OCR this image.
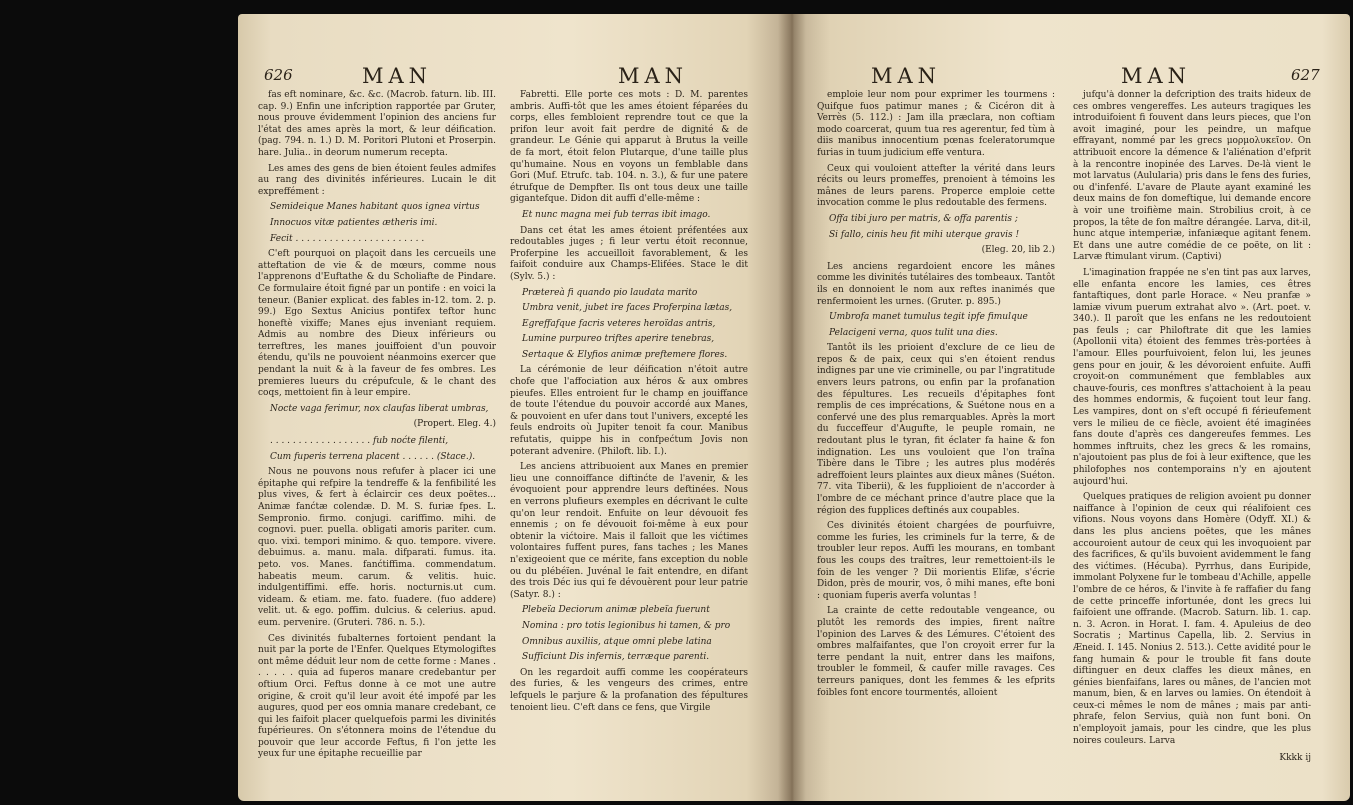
626	MAN	MAN

fas eft nominare, &c. &c. (Macrob. faturn. lib. III. cap. 9.) Enfin une infcription rapportée par Gruter, nous prouve évidemment l'opinion des anciens fur l'état des ames après la mort, & leur déification. (pag. 794. n. 1.) D. M. Poritori Plutoni et Proserpin. hare. Julia.. in deorum numerum recepta.

Les ames des gens de bien étoient feules admifes au rang des divinités inférieures. Lucain le dit expreffément :

Semideique Manes habitant quos ignea virtus

Innocuos vitæ patientes ætheris imi.

Fecit . . . . . . . . . . . . . . . . . . . . . . .

C'eft pourquoi on plaçoit dans les cercueils une atteftation de vie & de mœurs, comme nous l'apprenons d'Euftathe & du Scholiafte de Pindare. Ce formulaire étoit figné par un pontife : en voici la teneur. (Banier explicat. des fables in-12. tom. 2. p. 99.) Ego Sextus Anicius pontifex teftor hunc honeftè vixiffe; Manes ejus inveniant requiem. Admis au nombre des Dieux inférieurs ou terreftres, les manes jouiffoient d'un pouvoir étendu, qu'ils ne pouvoient néanmoins exercer que pendant la nuit & à la faveur de fes ombres. Les premieres lueurs du crépufcule, & le chant des coqs, mettoient fin à leur empire.

Nocte vaga ferimur, nox claufas liberat umbras,

(Propert. Eleg. 4.)

. . . . . . . . . . . . . . . . . . fub noćte filenti,

Cum fuperis terrena placent . . . . . . (Stace.).

Nous ne pouvons nous refufer à placer ici une épitaphe qui refpire la tendreffe & la fenfibilité les plus vives, & fert à éclaircir ces deux poëtes... Animæ fanćtæ colendæ. D. M. S. furiæ fpes. L. Sempronio. firmo. conjugi. cariffimo. mihi. de cognovi. puer. puella. obligati amoris pariter. cum. quo. vixi. tempori minimo. & quo. tempore. vivere. debuimus. a. manu. mala. difparati. fumus. ita. peto. vos. Manes. fanćtiffima. commendatum. habeatis meum. carum. & velitis. huic. indulgentiffimi. effe. horis. nocturnis.ut cum. videam. & etiam. me. fato. fuadere. (fuo addere) velit. ut. & ego. poffim. dulcius. & celerius. apud. eum. pervenire. (Gruteri. 786. n. 5.).

Ces divinités fubalternes fortoient pendant la nuit par la porte de l'Enfer. Quelques Etymologiftes ont même déduit leur nom de cette forme : Manes . . . . . . quia ad fuperos manare credebantur per oftium Orci. Feftus donne à ce mot une autre origine, & croit qu'il leur avoit été impofé par les augures, quod per eos omnia manare credebant, ce qui les faifoit placer quelquefois parmi les divinités fupérieures. On s'étonnera moins de l'étendue du pouvoir que leur accorde Feftus, fi l'on jette les yeux fur une épitaphe recueillie par

Fabretti. Elle porte ces mots : D. M. parentes ambris. Auffi-tôt que les ames étoient féparées du corps, elles fembloient reprendre tout ce que la prifon leur avoit fait perdre de dignité & de grandeur. Le Génie qui apparut à Brutus la veille de fa mort, étoit felon Plutarque, d'une taille plus qu'humaine. Nous en voyons un femblable dans Gori (Muf. Etrufc. tab. 104. n. 3.), & fur une patere étrufque de Dempfter. Ils ont tous deux une taille gigantefque. Didon dit auffi d'elle-même :

Et nunc magna mei fub terras ibit imago.

Dans cet état les ames étoient préfentées aux redoutables juges ; fi leur vertu étoit reconnue, Proferpine les accueilloit favorablement, & les faifoit conduire aux Champs-Elifées. Stace le dit (Sylv. 5.) :

Prætereà fi quando pio laudata marito

Umbra venit, jubet ire faces Proferpina lætas,

Egreffafque facris veteres heroïdas antris,

Lumine purpureo triftes aperire tenebras,

Sertaque & Elyfios animæ preftemere flores.

La cérémonie de leur déification n'étoit autre chofe que l'affociation aux héros & aux ombres pieufes. Elles entroient fur le champ en jouiffance de toute l'étendue du pouvoir accordé aux Manes, & pouvoient en ufer dans tout l'univers, excepté les feuls endroits où Jupiter tenoit fa cour. Manibus refutatis, quippe his in confpećtum Jovis non poterant advenire. (Philoft. lib. I.).

Les anciens attribuoient aux Manes en premier lieu une connoiffance diftinćte de l'avenir, & les évoquoient pour apprendre leurs deftinées. Nous en verrons plufieurs exemples en décrivant le culte qu'on leur rendoit. Enfuite on leur dévouoit fes ennemis ; on fe dévouoit foi-même à eux pour obtenir la vićtoire. Mais il falloit que les vićtimes volontaires fuffent pures, fans taches ; les Manes n'exigeoient que ce mérite, fans exception du noble ou du plébéïen. Juvénal le fait entendre, en difant des trois Déc ius qui fe dévouèrent pour leur patrie (Satyr. 8.) :

Plebeïa Deciorum animæ plebeïa fuerunt

Nomina : pro totis legionibus hi tamen, & pro

Omnibus auxiliis, atque omni plebe latina

Sufficiunt Dis infernis, terræque parenti.

On les regardoit auffi comme les coopérateurs des furies, & les vengeurs des crimes, entre lefquels le parjure & la profanation des fépultures tenoient lieu. C'eft dans ce fens, que Virgile

MAN	MAN	627

emploie leur nom pour exprimer les tourmens : Quifque fuos patimur manes ; & Cicéron dit à Verrès (5. 112.) : Jam illa præclara, non coftiam modo coarcerat, quum tua res agerentur, fed tùm à diis manibus innocentium pœnas fceleratorumque furias in tuum judicium effe ventura.

Ceux qui vouloient attefter la vérité dans leurs récits ou leurs promeffes, prenoient à témoins les mânes de leurs parens. Properce emploie cette invocation comme le plus redoutable des fermens.

Offa tibi juro per matris, & offa parentis ;

Si fallo, cinis heu fit mihi uterque gravis !

(Eleg. 20, lib 2.)

Les anciens regardoient encore les mânes comme les divinités tutélaires des tombeaux. Tantôt ils en donnoient le nom aux reftes inanimés que renfermoient les urnes. (Gruter. p. 895.)

Umbrofa manet tumulus tegit ipfe fimulque

Pelacigeni verna, quos tulit una dies.

Tantôt ils les prioient d'exclure de ce lieu de repos & de paix, ceux qui s'en étoient rendus indignes par une vie criminelle, ou par l'ingratitude envers leurs patrons, ou enfin par la profanation des fépultures. Les recueils d'épitaphes font remplis de ces imprécations, & Suétone nous en a confervé une des plus remarquables. Après la mort du fucceffeur d'Augufte, le peuple romain, ne redoutant plus le tyran, fit éclater fa haine & fon indignation. Les uns vouloient que l'on traîna Tibère dans le Tibre ; les autres plus modérés adreffoient leurs plaintes aux dieux mânes (Suéton. 77. vita Tiberii), & les fupplioient de n'accorder à l'ombre de ce méchant prince d'autre place que la région des fupplices deftinés aux coupables.

Ces divinités étoient chargées de pourfuivre, comme les furies, les criminels fur la terre, & de troubler leur repos. Auffi les mourans, en tombant fous les coups des traîtres, leur remettoient-ils le foin de les venger ? Dii morientis Elifæ, s'écrie Didon, près de mourir, vos, ô mihi manes, efte boni : quoniam fuperis averfa voluntas !

La crainte de cette redoutable vengeance, ou plutôt les remords des impies, firent naître l'opinion des Larves & des Lémures. C'étoient des ombres malfaifantes, que l'on croyoit errer fur la terre pendant la nuit, entrer dans les maifons, troubler le fommeil, & caufer mille ravages. Ces terreurs paniques, dont les femmes & les efprits foibles font encore tourmentés, alloient

jufqu'à donner la defcription des traits hideux de ces ombres vengereffes. Les auteurs tragiques les introduifoient fi fouvent dans leurs pieces, que l'on avoit imaginé, pour les peindre, un mafque effrayant, nommé par les grecs μορμολυκεῖον. On attribuoit encore la démence & l'aliénation d'efprit à la rencontre inopinée des Larves. De-là vient le mot larvatus (Aulularia) pris dans le fens des furies, ou d'infenfé. L'avare de Plaute ayant examiné les deux mains de fon domeftique, lui demande encore à voir une troifième main. Strobilius croit, à ce propos, la tête de fon maître dérangée. Larva, dit-il, hunc atque intemperiæ, infaniæque agitant fenem. Et dans une autre comédie de ce poëte, on lit : Larvæ ftimulant virum. (Captivi)

L'imagination frappée ne s'en tint pas aux larves, elle enfanta encore les lamies, ces êtres fantaftiques, dont parle Horace. « Neu pranfæ » lamiæ vivum puerum extrahat alvo ». (Art. poet. v. 340.). Il paroît que les enfans ne les redoutoient pas feuls ; car Philoftrate dit que les lamies (Apollonii vita) étoient des femmes très-portées à l'amour. Elles pourfuivoient, felon lui, les jeunes gens pour en jouir, & les dévoroient enfuite. Auffi croyoit-on communément que femblables aux chauve-fouris, ces monftres s'attachoient à la peau des hommes endormis, & fuçoient tout leur fang. Les vampires, dont on s'eft occupé fi férieufement vers le milieu de ce fiècle, avoient été imaginées fans doute d'après ces dangereufes femmes. Les hommes inftruits, chez les grecs & les romains, n'ajoutoient pas plus de foi à leur exiftence, que les philofophes nos contemporains n'y en ajoutent aujourd'hui.

Quelques pratiques de religion avoient pu donner naiffance à l'opinion de ceux qui réalifoient ces vifions. Nous voyons dans Homère (Odyff. XI.) & dans les plus anciens poëtes, que les mânes accouroient autour de ceux qui les invoquoient par des facrifices, & qu'ils buvoient avidemment le fang des vićtimes. (Hécuba). Pyrrhus, dans Euripide, immolant Polyxene fur le tombeau d'Achille, appelle l'ombre de ce héros, & l'invite à fe raffafier du fang de cette princeffe infortunée, dont les grecs lui faifoient une offrande. (Macrob. Saturn. lib. 1. cap. n. 3. Acron. in Horat. I. fam. 4. Apuleius de deo Socratis ; Martinus Capella, lib. 2. Servius in Æneid. I. 145. Nonius 2. 513.). Cette avidité pour le fang humain & pour le trouble fit fans doute diftinguer en deux claffes les dieux mânes, en génies bienfaifans, lares ou mânes, de l'ancien mot manum, bien, & en larves ou lamies. On étendoit à ceux-ci mêmes le nom de mânes ; mais par anti-phrafe, felon Servius, quià non funt boni. On n'employoit jamais, pour les cindre, que les plus noires couleurs. Larva

Kkkk ij
